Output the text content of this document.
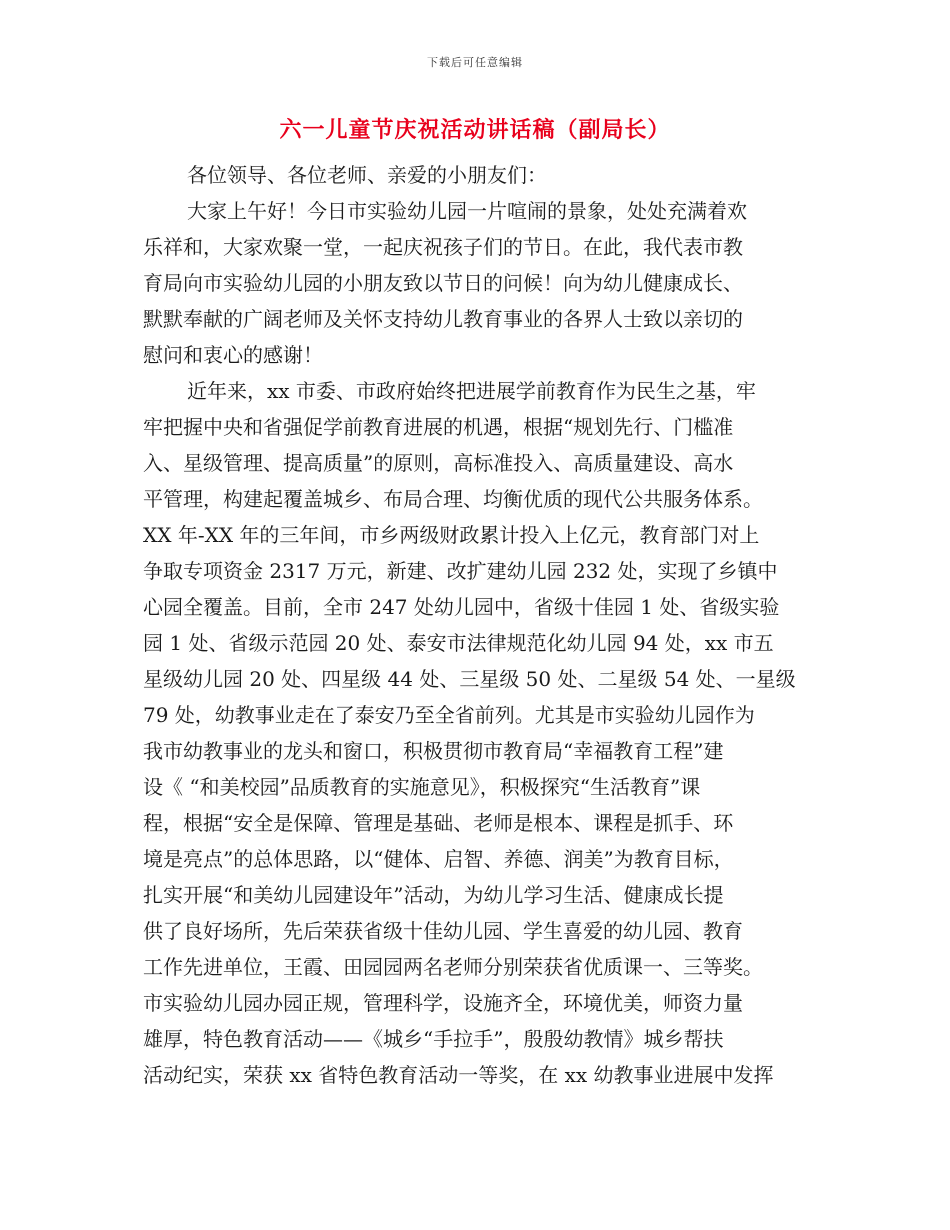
下载后可任意编辑
六一儿童节庆祝活动讲话稿（副局长）
各位领导、各位老师、亲爱的小朋友们：
大家上午好！今日市实验幼儿园一片喧闹的景象，处处充满着欢
乐祥和，大家欢聚一堂，一起庆祝孩子们的节日。在此，我代表市教
育局向市实验幼儿园的小朋友致以节日的问候！向为幼儿健康成长、
默默奉献的广阔老师及关怀支持幼儿教育事业的各界人士致以亲切的
慰问和衷心的感谢！
近年来，xx 市委、市政府始终把进展学前教育作为民生之基，牢
牢把握中央和省强促学前教育进展的机遇，根据“规划先行、门槛准
入、星级管理、提高质量”的原则，高标准投入、高质量建设、高水
平管理，构建起覆盖城乡、布局合理、均衡优质的现代公共服务体系。
XX 年-XX 年的三年间，市乡两级财政累计投入上亿元，教育部门对上
争取专项资金 2317 万元，新建、改扩建幼儿园 232 处，实现了乡镇中
心园全覆盖。目前，全市 247 处幼儿园中，省级十佳园 1 处、省级实验
园 1 处、省级示范园 20 处、泰安市法律规范化幼儿园 94 处，xx 市五
星级幼儿园 20 处、四星级 44 处、三星级 50 处、二星级 54 处、一星级
79 处，幼教事业走在了泰安乃至全省前列。尤其是市实验幼儿园作为
我市幼教事业的龙头和窗口，积极贯彻市教育局“幸福教育工程”建
设《 “和美校园”品质教育的实施意见》，积极探究“生活教育”课
程，根据“安全是保障、管理是基础、老师是根本、课程是抓手、环
境是亮点”的总体思路，以“健体、启智、养德、润美”为教育目标，
扎实开展“和美幼儿园建设年”活动，为幼儿学习生活、健康成长提
供了良好场所，先后荣获省级十佳幼儿园、学生喜爱的幼儿园、教育
工作先进单位，王霞、田园园两名老师分别荣获省优质课一、三等奖。
市实验幼儿园办园正规，管理科学，设施齐全，环境优美，师资力量
雄厚，特色教育活动——《城乡“手拉手”，殷殷幼教情》城乡帮扶
活动纪实，荣获 xx 省特色教育活动一等奖，在 xx 幼教事业进展中发挥
